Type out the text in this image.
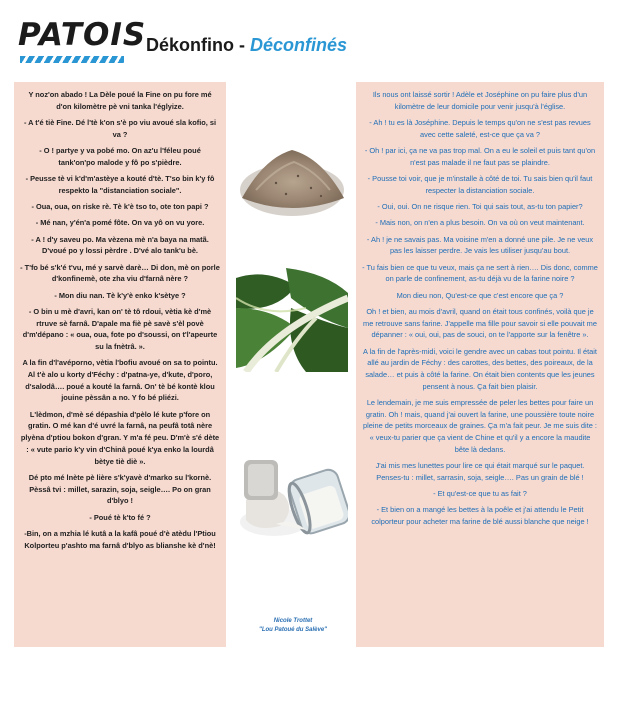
PATOIS Dékonfino - Déconfinés

Y noz'on abado ! La Dèle poué la Fine on pu fore mé d'on kilomètre pè vni tanka l'églyize.

- A t'é tiè Fine. Dé l'tè k'on s'è po viu avoué sla kofio, si va ?

- O ! partye y va pobé mo. On az'u l'féleu poué tank'on'po malode y fô po s'pièdre.

- Peusse tè vi k'd'm'astèye a kouté d'tè. T'so bin k'y fô respekto la "distanciation sociale".

- Oua, oua, on riske rè. Tè k'è tso to, ote ton papi ?

- Mé nan, y'én'a pomé fôte. On va yô on vu yore.

- A ! d'y saveu po. Ma vèzena mè n'a baya na matã. D'voué po y lossi pèrdre . D'vé alo tank'u bè.

- T'fo bé s'k'é t'vu, mé y sarvè darè… Di don, mè on porle d'konfinemè, ote zha viu d'farnâ nère ?

- Mon diu nan. Tè k'y'è enko k'sètye ?

- O bin u mè d'avri, kan on' tè tô rdoui, vètia kè d'mè rtruve sè farnâ. D'apale ma fiè pè savè s'èl povè d'm'dépano : « oua, oua, fote po d'soussi, on t'l'apeurte su la fnètrâ. ».

A la fin d'l'avéporno, vètia l'bofiu avoué on sa to pointu. Al t'è alo u korty d'Féchy : d'patna-ye, d'kute, d'poro, d'salodâ…. poué a kouté la farnâ. On' tè bé kontè klou jouine pèssân a no. Y fo bé pliézi.

L'lèdmon, d'mè sé dépashia d'pèlo lé kute p'fore on gratin. O mé kan d'é uvré la farnâ, na peufâ totâ nère plyèna d'ptiou bokon d'gran. Y m'a fé peu. D'm'è s'é dète : « vute pario k'y vin d'Chinâ poué k'ya enko la lourdâ bètye tiè diè ».

Dé pto mé lnète pè lière s'k'yavè d'marko su l'kornè. Pèssâ tvi : millet, sarazin, soja, seigle…. Po on gran d'blyo !

- Poué tè k'to fé ?

-Bin, on a mzhia lé kutâ a la kafâ poué d'è atèdu l'Ptiou Kolporteu p'ashto ma farnâ d'blyo as blianshe kè d'nè!

Nicole Trottet
"Lou Patoué du Salève"

Ils nous ont laissé sortir ! Adèle et Joséphine on pu faire plus d'un kilomètre de leur domicile pour venir jusqu'à l'église.

- Ah ! tu es là Joséphine. Depuis le temps qu'on ne s'est pas revues avec cette saleté, est-ce que ça va ?

- Oh ! par ici, ça ne va pas trop mal. On a eu le soleil et puis tant qu'on n'est pas malade il ne faut pas se plaindre.

- Pousse toi voir, que je m'installe à côté de toi. Tu sais bien qu'il faut respecter la distanciation sociale.

- Oui, oui. On ne risque rien. Toi qui sais tout, as-tu ton papier?

- Mais non, on n'en a plus besoin. On va où on veut maintenant.

- Ah ! je ne savais pas. Ma voisine m'en a donné une pile. Je ne veux pas les laisser perdre. Je vais les utiliser jusqu'au bout.

- Tu fais bien ce que tu veux, mais ça ne sert à rien…. Dis donc, comme on parle de confinement, as-tu déjà vu de la farine noire ?

Mon dieu non, Qu'est-ce que c'est encore que ça ?

Oh ! et bien, au mois d'avril, quand on était tous confinés, voilà que je me retrouve sans farine. J'appelle ma fille pour savoir si elle pouvait me dépanner : « oui, oui, pas de souci, on te l'apporte sur la fenêtre ».

A la fin de l'après-midi, voici le gendre avec un cabas tout pointu. Il était allé au jardin de Féchy : des carottes, des bettes, des poireaux, de la salade… et puis à côté la farine. On était bien contents que les jeunes pensent à nous. Ça fait bien plaisir.

Le lendemain, je me suis empressée de peler les bettes pour faire un gratin. Oh ! mais, quand j'ai ouvert la farine, une poussière toute noire pleine de petits morceaux de graines. Ça m'a fait peur. Je me suis dite : « veux-tu parier que ça vient de Chine et qu'il y a encore la maudite bête là dedans.

J'ai mis mes lunettes pour lire ce qui était marqué sur le paquet. Penses-tu : millet, sarrasin, soja, seigle…. Pas un grain de blé !

- Et qu'est-ce que tu as fait ?

- Et bien on a mangé les bettes à la poêle et j'ai attendu le Petit colporteur pour acheter ma farine de blé aussi blanche que neige !
